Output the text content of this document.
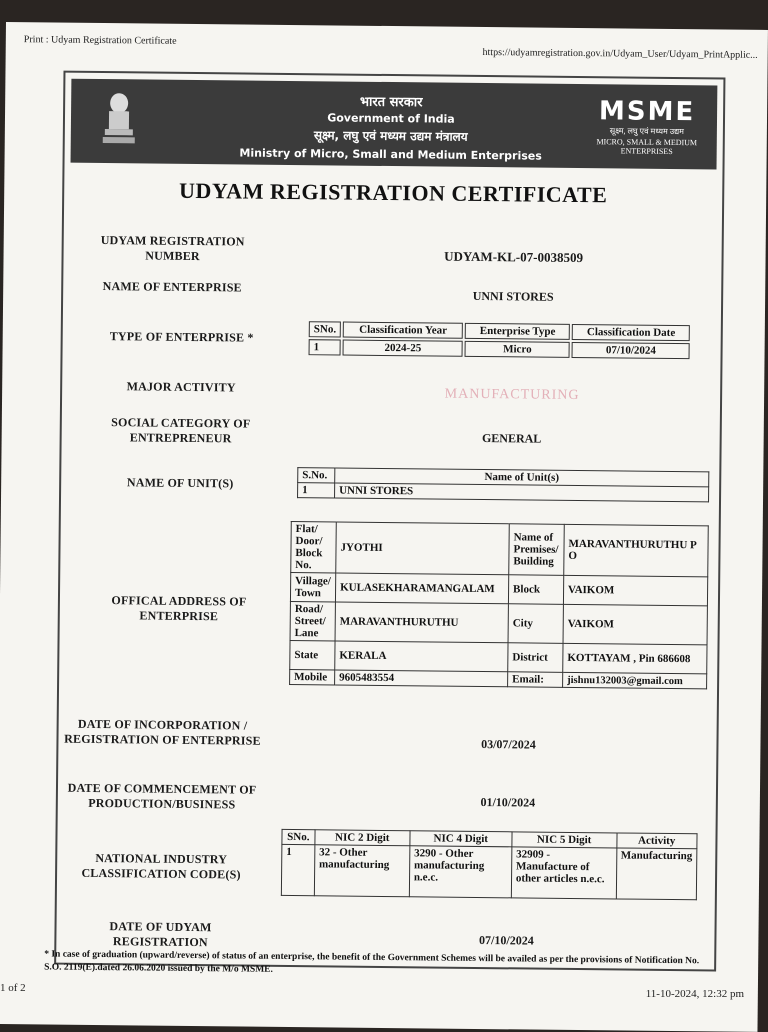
Print : Udyam Registration Certificate
https://udyamregistration.gov.in/Udyam_User/Udyam_PrintApplic...
भारत सरकार
Government of India
सूक्ष्म, लघु एवं मध्यम उद्यम मंत्रालय
Ministry of Micro, Small and Medium Enterprises
MSME
सूक्ष्म, लघु एवं मध्यम उद्यम
MICRO, SMALL & MEDIUM ENTERPRISES
UDYAM REGISTRATION CERTIFICATE
UDYAM REGISTRATION NUMBER	UDYAM-KL-07-0038509
NAME OF ENTERPRISE
UNNI STORES
TYPE OF ENTERPRISE *	SNo.	Classification Year	Enterprise Type	Classification Date
1	2024-25	Micro	07/10/2024
MAJOR ACTIVITY	MANUFACTURING
SOCIAL CATEGORY OF ENTREPRENEUR	GENERAL
NAME OF UNIT(S)
S.No.	Name of Unit(s)
1	UNNI STORES
OFFICAL ADDRESS OF ENTERPRISE
Flat/ Door/ Block No.	JYOTHI	Name of Premises/ Building	MARAVANTHURUTHU P O
Village/ Town	KULASEKHARAMANGALAM	Block	VAIKOM
Road/ Street/ Lane	MARAVANTHURUTHU	City	VAIKOM
State	KERALA	District	KOTTAYAM , Pin 686608
Mobile	9605483554	Email:	jishnu132003@gmail.com
DATE OF INCORPORATION / REGISTRATION OF ENTERPRISE	03/07/2024
DATE OF COMMENCEMENT OF PRODUCTION/BUSINESS	01/10/2024
NATIONAL INDUSTRY CLASSIFICATION CODE(S)
SNo.	NIC 2 Digit	NIC 4 Digit	NIC 5 Digit	Activity
1	32 - Other manufacturing	3290 - Other manufacturing n.e.c.	32909 - Manufacture of other articles n.e.c.	Manufacturing
DATE OF UDYAM REGISTRATION	07/10/2024
* In case of graduation (upward/reverse) of status of an enterprise, the benefit of the Government Schemes will be availed as per the provisions of Notification No. S.O. 2119(E).dated 26.06.2020 issued by the M/o MSME.
1 of 2	11-10-2024, 12:32 pm
